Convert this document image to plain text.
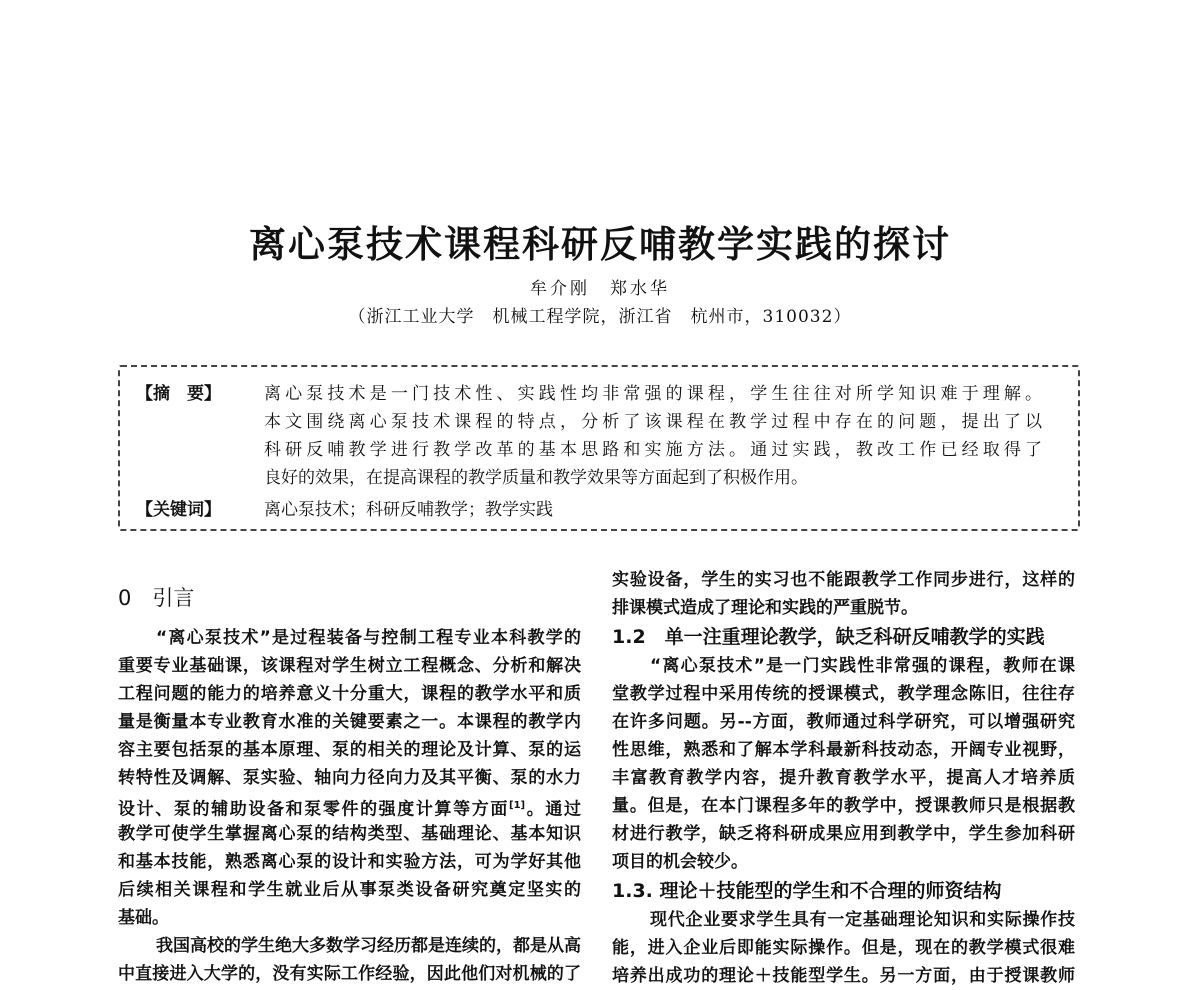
离心泵技术课程科研反哺教学实践的探讨
牟介刚　郑水华
（浙江工业大学　机械工程学院，浙江省　杭州市，310032）
【摘　要】	离心泵技术是一门技术性、实践性均非常强的课程，学生往往对所学知识难于理解。
本文围绕离心泵技术课程的特点，分析了该课程在教学过程中存在的问题，提出了以
科研反哺教学进行教学改革的基本思路和实施方法。通过实践，教改工作已经取得了
良好的效果，在提高课程的教学质量和教学效果等方面起到了积极作用。
【关键词】	离心泵技术；科研反哺教学；教学实践
0　引言
“离心泵技术”是过程装备与控制工程专业本科教学的
重要专业基础课，该课程对学生树立工程概念、分析和解决
工程问题的能力的培养意义十分重大，课程的教学水平和质
量是衡量本专业教育水准的关键要素之一。本课程的教学内
容主要包括泵的基本原理、泵的相关的理论及计算、泵的运
转特性及调解、泵实验、轴向力径向力及其平衡、泵的水力
设计、泵的辅助设备和泵零件的强度计算等方面[1]。通过
教学可使学生掌握离心泵的结构类型、基础理论、基本知识
和基本技能，熟悉离心泵的设计和实验方法，可为学好其他
后续相关课程和学生就业后从事泵类设备研究奠定坚实的
基础。
我国高校的学生绝大多数学习经历都是连续的，都是从高
中直接进入大学的，没有实际工作经验，因此他们对机械的了
实验设备，学生的实习也不能跟教学工作同步进行，这样的
排课模式造成了理论和实践的严重脱节。
1.2　单一注重理论教学，缺乏科研反哺教学的实践
“离心泵技术”是一门实践性非常强的课程，教师在课
堂教学过程中采用传统的授课模式，教学理念陈旧，往往存
在许多问题。另--方面，教师通过科学研究，可以增强研究
性思维，熟悉和了解本学科最新科技动态，开阔专业视野，
丰富教育教学内容，提升教育教学水平，提高人才培养质
量。但是，在本门课程多年的教学中，授课教师只是根据教
材进行教学，缺乏将科研成果应用到教学中，学生参加科研
项目的机会较少。
1.3. 理论＋技能型的学生和不合理的师资结构
现代企业要求学生具有一定基础理论知识和实际操作技
能，进入企业后即能实际操作。但是，现在的教学模式很难
培养出成功的理论＋技能型学生。另一方面，由于授课教师
